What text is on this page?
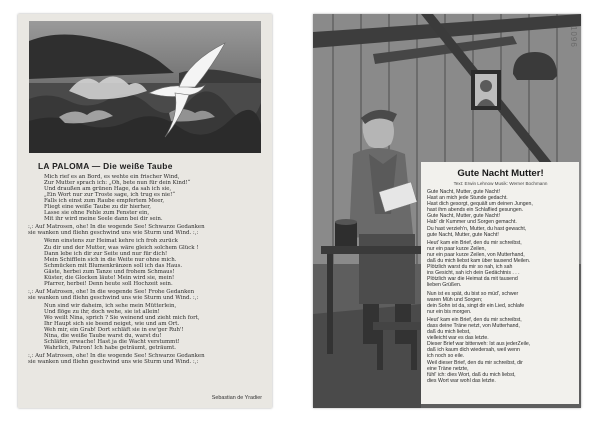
LA PALOMA — Die weiße Taube
Mich rief es an Bord, es wehte ein frischer Wind,
Zur Mutter sprach ich: „Oh, bete nun für dein Kind!“
Und draußen am grünen Hage, da sah ich sie,
„Ein Wort nur zur Troste sage, ich trug es nie!“
Falls ich einst zum Raube empfertem Meer,
Fliegt eine weiße Taube zu dir hierher,
Lasse sie ohne Fehle zum Fenster ein,
Mit ihr wird meine Seele dann bei dir sein.
:,: Auf Matrosen, ohe! In die wogende See! Schwarze Gedanken
sie wanken und fliehn geschwind uns wie Sturm und Wind. :,:
Wenn einstens zur Heimat kehre ich froh zurück
Zu dir und der Mutter, was wäre gleich solchem Glück !
Dann lebe ich dir zur Seite und nur für dich!
Mein Schifflein sich in die Weite nur ohne mich.
Schmücken mit Blumenkränzen soll ich das Haus.
Gäste, herbei zum Tanze und frohem Schmaus!
Küster, die Glocken läute! Mein wird sie, mein!
Pfarrer, herbei! Denn heute soll Hochzeit sein.
:,: Auf Matrosen, ohe! In die wogende See! Frohe Gedanken
sie wanken und fliehn geschwind uns wie Sturm und Wind. :,:
Nun sind wir daheim, ich sehe mein Mütterlein,
Und flöge zu ihr, doch wehe, sie ist allein!
Wo weilt Nina, sprich ? Sie weinend und zieht mich fort,
Ihr Haupt sich sie beend neiget, wie und am Ort.
Weh mir, ein Grab! Dort schläft sie in ew'ger Ruh'!
Nina, die weiße Taube warst du, warst du!
Schläfer, erwache! Hast ja die Wacht verstummt!
Wahrlich, Patron! Ich habe geträumt, geträumt.
:,: Auf Matrosen, ohe! In die wogende See! Schwarze Gedanken
sie wanken und fliehn geschwind uns wie Sturm und Wind. :,:
Sebastian de Yradier
1096
Gute Nacht Mutter!
Text: Erwin Lehnow Musik: Werner Bochmann
Gute Nacht, Mutter, gute Nacht!
Hast an mich jede Stunde gedacht.
Hast dich gesorgt, gequält um deinen Jungen,
hast ihm abends ein Schlaflied gesungen.
Gute Nacht, Mutter, gute Nacht!
Hab' dir Kummer und Sorgen gemacht.
Du hast verzieh'n, Mutter, du hast gewacht,
gute Nacht, Mutter, gute Nacht!
Heut' kam ein Brief, den du mir schreibst,
nur ein paar kurze Zeilen,
nur ein paar kurze Zeilen, von Mutterhand,
daß du mich liebst kam über tausend Meilen.
Plötzlich warst du mir so nah, ich sah
ins Gesicht, sah ich dein Gedächtnis . . .
Plötzlich war die Heimat da mit tausend
lieben Grüßen.
Nun ist es spät, du bist so müd', schwer
waren Müh und Sorgen;
dein Sohn ist da, singt dir ein Lied, schlafe
nur ein bis morgen.
Heut' kam ein Brief, den du mir schreibst,
dass deine Träne netzt, von Mutterhand,
daß du mich liebst,
vielleicht war es das letzte.
Dieser Brief war bitterweh: Ist aus jederZeile,
daß ich kaum dich wiedersah, weil wenn
ich noch so eile.
Weil dieser Brief, den du mir schreibst, dir
eine Träne netzte,
fühl' ich: dies Wort, daß du mich liebst,
dies Wort war wohl das letzte.
